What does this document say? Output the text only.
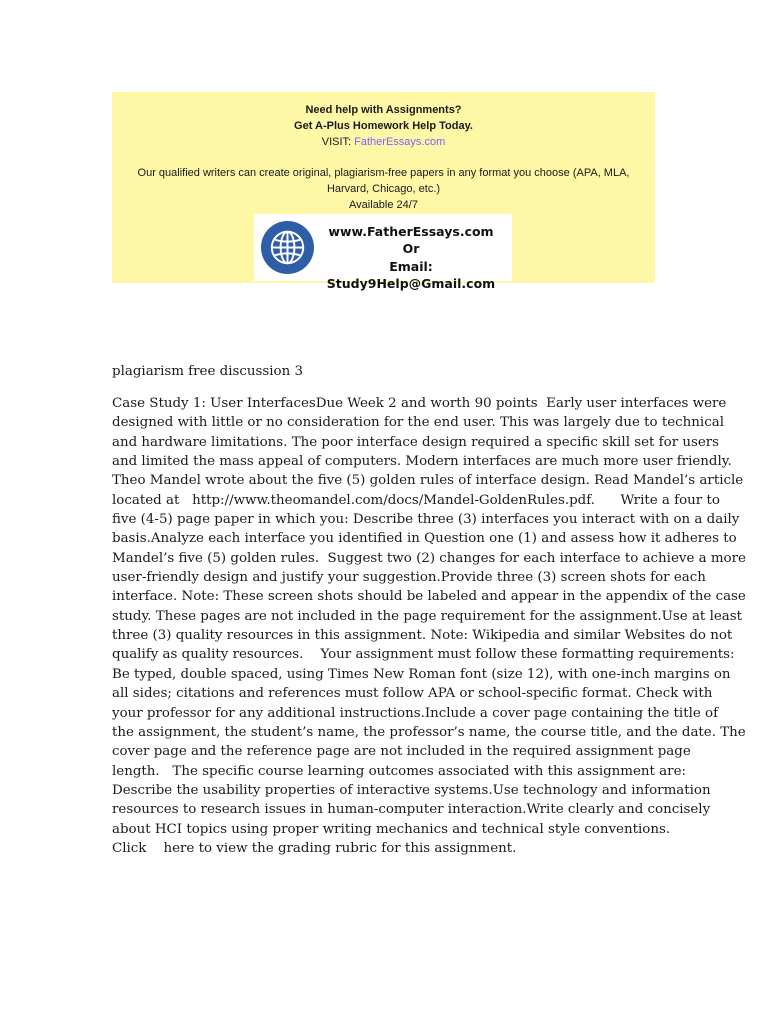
Need help with Assignments?
Get A-Plus Homework Help Today.
VISIT: FatherEssays.com
Our qualified writers can create original, plagiarism-free papers in any format you choose (APA, MLA, Harvard, Chicago, etc.)
Available 24/7
www.FatherEssays.com
Or
Email: Study9Help@Gmail.com
plagiarism free discussion 3
Case Study 1: User InterfacesDue Week 2 and worth 90 points  Early user interfaces were
designed with little or no consideration for the end user. This was largely due to technical
and hardware limitations. The poor interface design required a specific skill set for users
and limited the mass appeal of computers. Modern interfaces are much more user friendly.
Theo Mandel wrote about the five (5) golden rules of interface design. Read Mandel’s article
located at   http://www.theomandel.com/docs/Mandel-GoldenRules.pdf.      Write a four to
five (4-5) page paper in which you: Describe three (3) interfaces you interact with on a daily
basis.Analyze each interface you identified in Question one (1) and assess how it adheres to
Mandel’s five (5) golden rules.  Suggest two (2) changes for each interface to achieve a more
user-friendly design and justify your suggestion.Provide three (3) screen shots for each
interface. Note: These screen shots should be labeled and appear in the appendix of the case
study. These pages are not included in the page requirement for the assignment.Use at least
three (3) quality resources in this assignment. Note: Wikipedia and similar Websites do not
qualify as quality resources.    Your assignment must follow these formatting requirements:
Be typed, double spaced, using Times New Roman font (size 12), with one-inch margins on
all sides; citations and references must follow APA or school-specific format. Check with
your professor for any additional instructions.Include a cover page containing the title of
the assignment, the student’s name, the professor’s name, the course title, and the date. The
cover page and the reference page are not included in the required assignment page
length.   The specific course learning outcomes associated with this assignment are:
Describe the usability properties of interactive systems.Use technology and information
resources to research issues in human-computer interaction.Write clearly and concisely
about HCI topics using proper writing mechanics and technical style conventions.
Click    here to view the grading rubric for this assignment.
